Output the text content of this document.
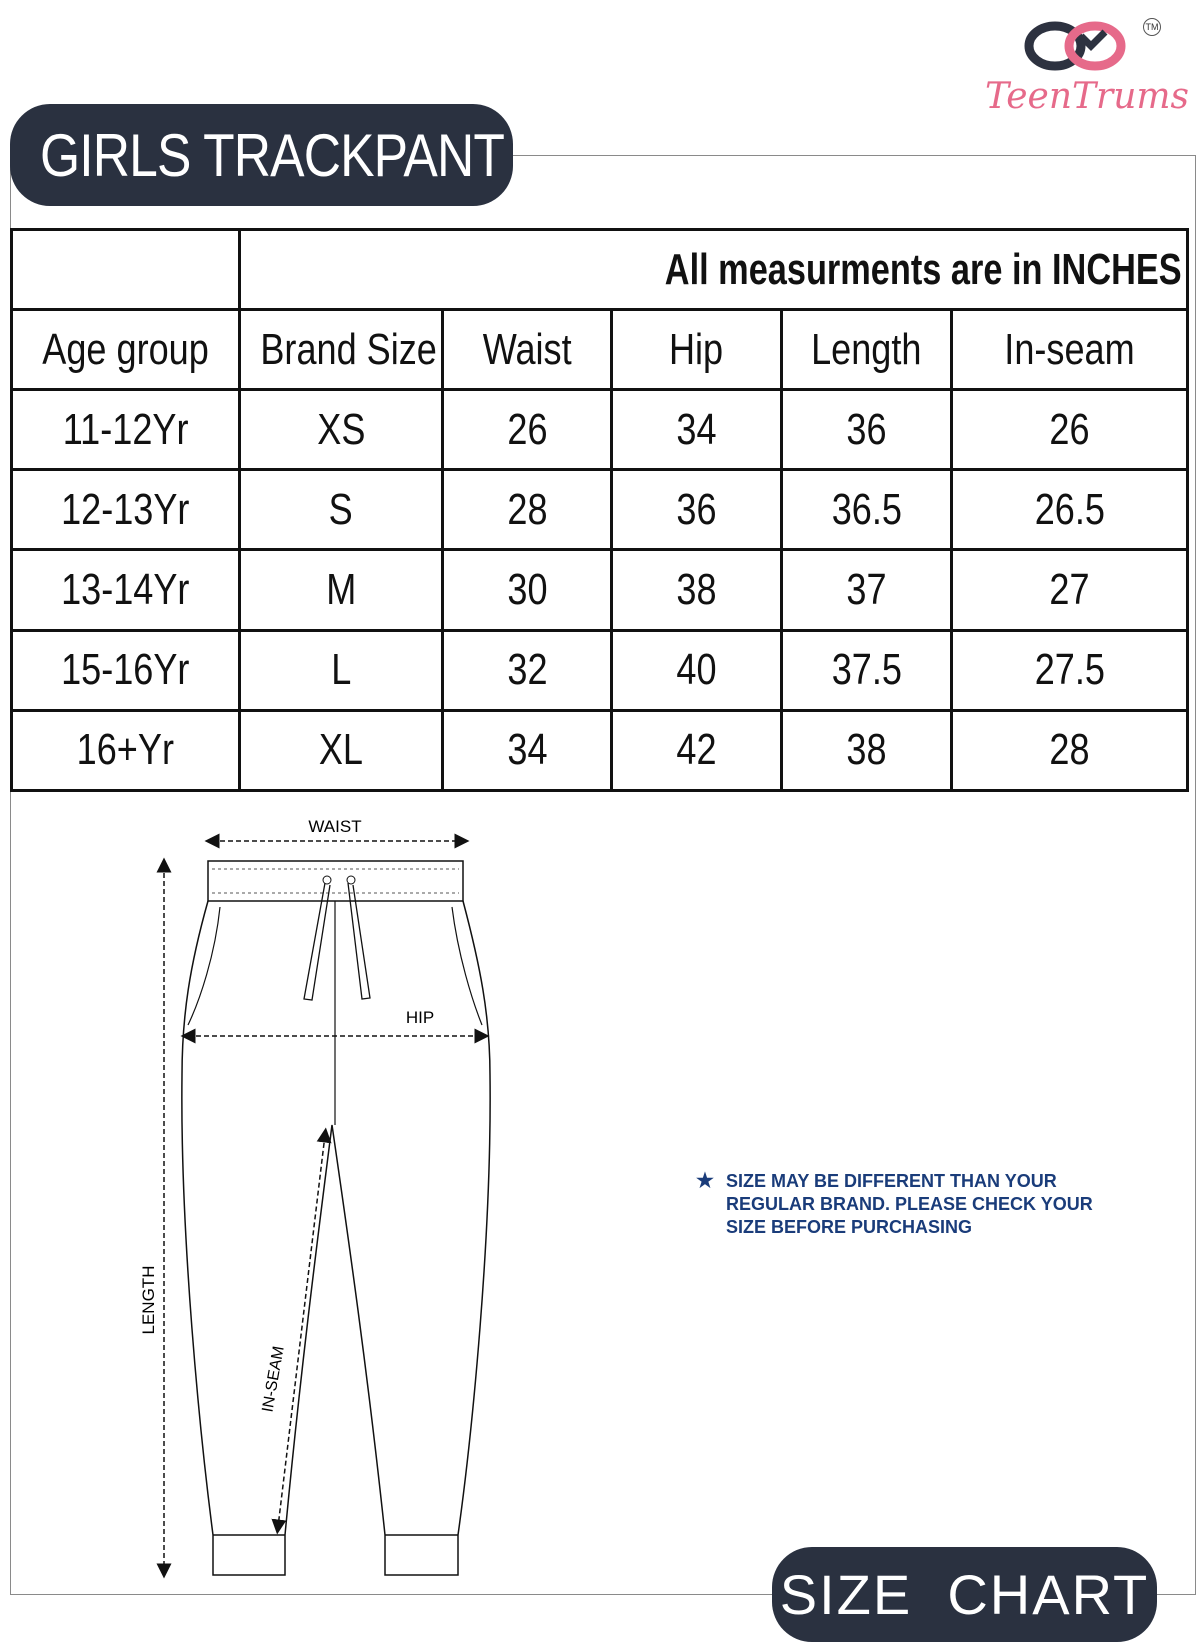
TM
TeenTrums
GIRLS TRACKPANT
	All measurments are in INCHES				
Age group	Brand Size	Waist	Hip	Length	In-seam
11-12Yr	XS	26	34	36	26
12-13Yr	S	28	36	36.5	26.5
13-14Yr	M	30	38	37	27
15-16Yr	L	32	40	37.5	27.5
16+Yr	XL	34	42	38	28
WAIST
HIP
LENGTH
IN-SEAM
★ SIZE MAY BE DIFFERENT THAN YOUR
REGULAR BRAND. PLEASE CHECK YOUR
SIZE BEFORE PURCHASING
SIZE  CHART
